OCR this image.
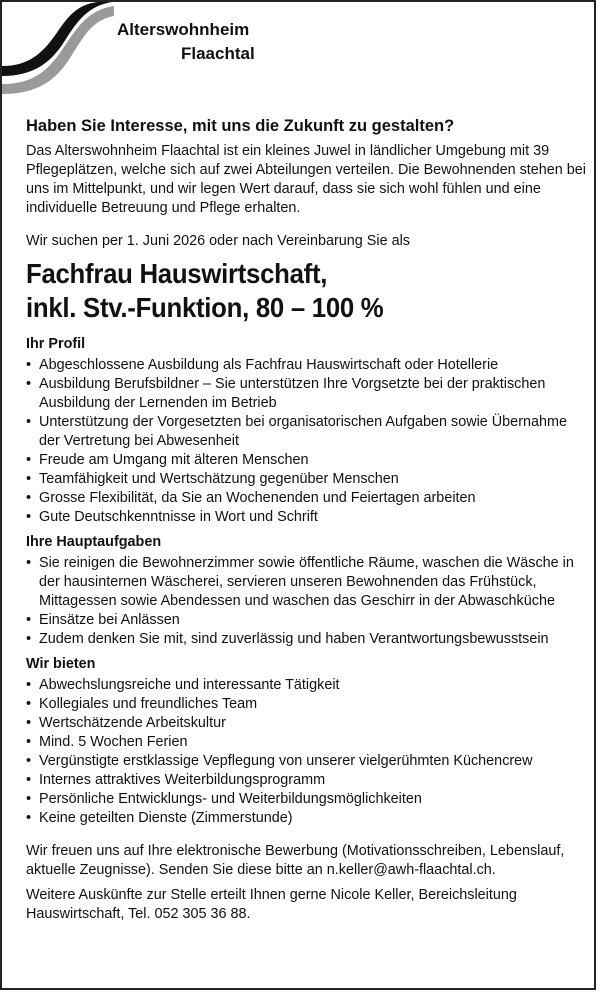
Alterswohnheim
Flaachtal
Haben Sie Interesse, mit uns die Zukunft zu gestalten?

Das Alterswohnheim Flaachtal ist ein kleines Juwel in ländlicher Umgebung mit 39 Pflegeplätzen, welche sich auf zwei Abteilungen verteilen. Die Bewohnenden stehen bei uns im Mittelpunkt, und wir legen Wert darauf, dass sie sich wohl fühlen und eine individuelle Betreuung und Pflege erhalten.

Wir suchen per 1. Juni 2026 oder nach Vereinbarung Sie als

Fachfrau Hauswirtschaft,
inkl. Stv.-Funktion, 80 – 100 %
Ihr Profil
• Abgeschlossene Ausbildung als Fachfrau Hauswirtschaft oder Hotellerie
• Ausbildung Berufsbildner – Sie unterstützen Ihre Vorgsetzte bei der praktischen Ausbildung der Lernenden im Betrieb
• Unterstützung der Vorgesetzten bei organisatorischen Aufgaben sowie Übernahme der Vertretung bei Abwesenheit
• Freude am Umgang mit älteren Menschen
• Teamfähigkeit und Wertschätzung gegenüber Menschen
• Grosse Flexibilität, da Sie an Wochenenden und Feiertagen arbeiten
• Gute Deutschkenntnisse in Wort und Schrift
Ihre Hauptaufgaben
• Sie reinigen die Bewohnerzimmer sowie öffentliche Räume, waschen die Wäsche in der hausinternen Wäscherei, servieren unseren Bewohnenden das Frühstück, Mittagessen sowie Abendessen und waschen das Geschirr in der Abwaschküche
• Einsätze bei Anlässen
• Zudem denken Sie mit, sind zuverlässig und haben Verantwortungsbewusstsein
Wir bieten
• Abwechslungsreiche und interessante Tätigkeit
• Kollegiales und freundliches Team
• Wertschätzende Arbeitskultur
• Mind. 5 Wochen Ferien
• Vergünstigte erstklassige Vepflegung von unserer vielgerühmten Küchencrew
• Internes attraktives Weiterbildungsprogramm
• Persönliche Entwicklungs- und Weiterbildungsmöglichkeiten
• Keine geteilten Dienste (Zimmerstunde)

Wir freuen uns auf Ihre elektronische Bewerbung (Motivationsschreiben, Lebenslauf, aktuelle Zeugnisse). Senden Sie diese bitte an n.keller@awh-flaachtal.ch.

Weitere Auskünfte zur Stelle erteilt Ihnen gerne Nicole Keller, Bereichsleitung Hauswirtschaft, Tel. 052 305 36 88.
